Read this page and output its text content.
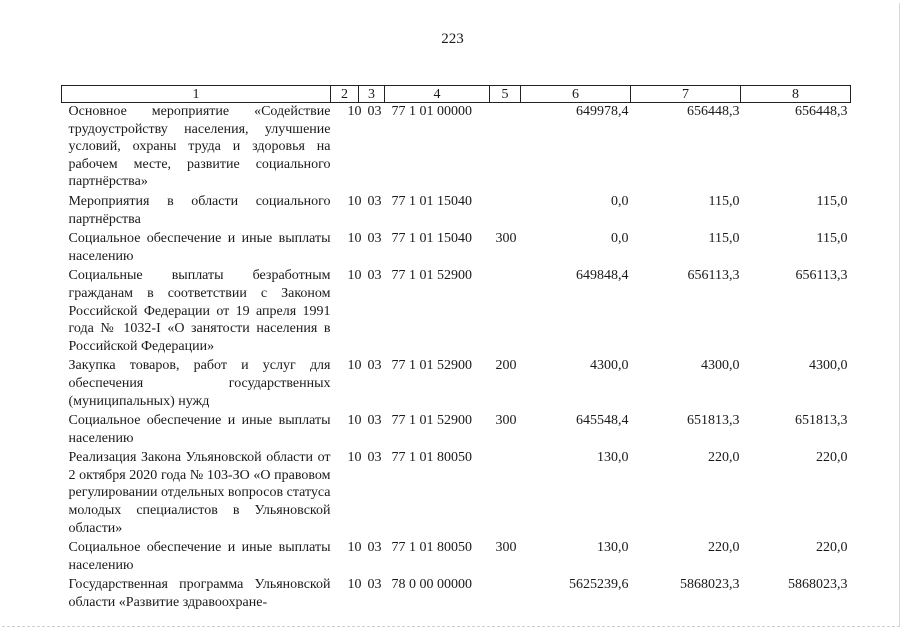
223
1	2	3	4	5	6	7	8
Основное мероприятие «Содействие трудоустройству населения, улучшение условий, охраны труда и здоровья на рабочем месте, развитие социального партнёрства»	10	03	77 1 01 00000		649978,4	656448,3	656448,3
Мероприятия в области социального партнёрства	10	03	77 1 01 15040		0,0	115,0	115,0
Социальное обеспечение и иные выплаты населению	10	03	77 1 01 15040	300	0,0	115,0	115,0
Социальные выплаты безработным гражданам в соответствии с Законом Российской Федерации от 19 апреля 1991 года № 1032-I «О занятости населения в Российской Федерации»	10	03	77 1 01 52900		649848,4	656113,3	656113,3
Закупка товаров, работ и услуг для обеспечения государственных (муниципальных) нужд	10	03	77 1 01 52900	200	4300,0	4300,0	4300,0
Социальное обеспечение и иные выплаты населению	10	03	77 1 01 52900	300	645548,4	651813,3	651813,3
Реализация Закона Ульяновской области от 2 октября 2020 года № 103-ЗО «О правовом регулировании отдельных вопросов статуса молодых специалистов в Ульяновской области»	10	03	77 1 01 80050		130,0	220,0	220,0
Социальное обеспечение и иные выплаты населению	10	03	77 1 01 80050	300	130,0	220,0	220,0
Государственная программа Ульяновской области «Развитие здравоохране-	10	03	78 0 00 00000		5625239,6	5868023,3	5868023,3
